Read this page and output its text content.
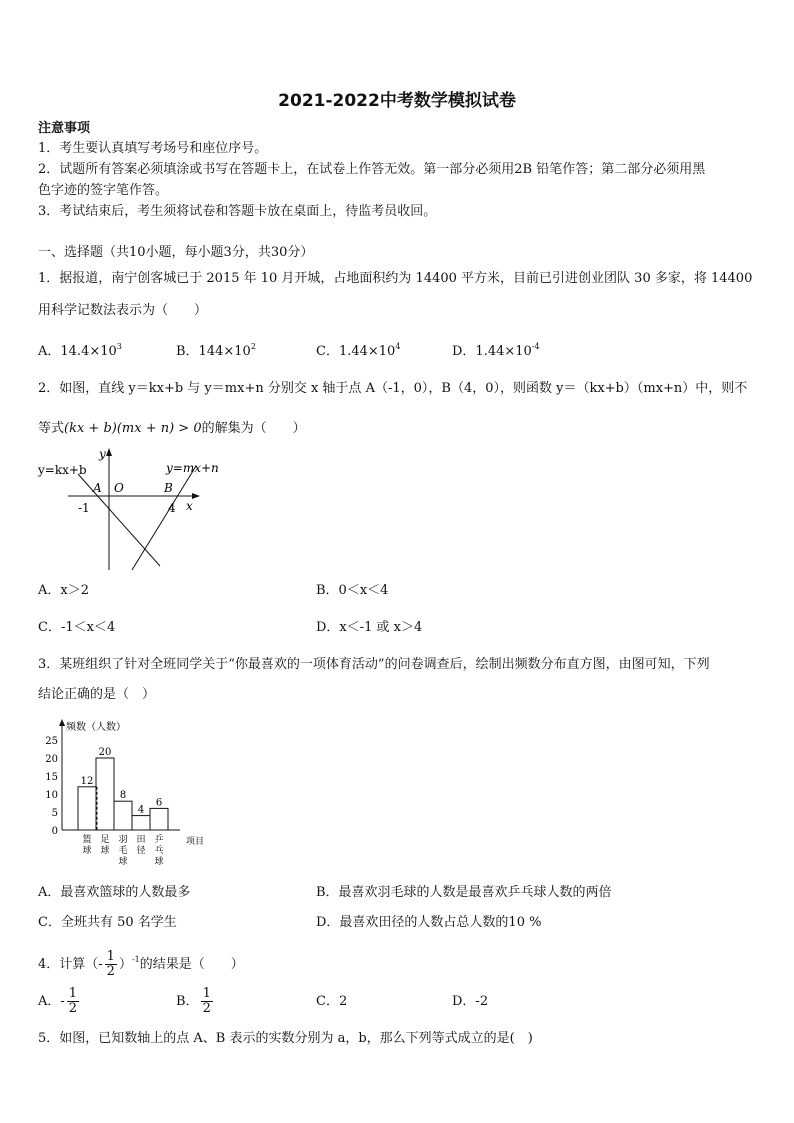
2021-2022中考数学模拟试卷
注意事项
1．考生要认真填写考场号和座位序号。
2．试题所有答案必须填涂或书写在答题卡上，在试卷上作答无效。第一部分必须用2B 铅笔作答；第二部分必须用黑
色字迹的签字笔作答。
3．考试结束后，考生须将试卷和答题卡放在桌面上，待监考员收回。
一、选择题（共10小题，每小题3分，共30分）
1．据报道，南宁创客城已于 2015 年 10 月开城，占地面积约为 14400 平方米，目前已引进创业团队 30 多家，将 14400
用科学记数法表示为（　　）
A．$14.4\times 10^3$	B．$144\times 10^2$	C．$1.44\times 10^4$	D．$1.44\times 10^{-4}$
2．如图，直线 y＝kx+b 与 y＝mx+n 分别交 x 轴于点 A（-1，0），B（4，0），则函数 y＝（kx+b）（mx+n）中，则不
等式(kx + b)(mx + n) > 0的解集为（　　）
y=kx+b	y=mx+n
y
x
A O	B
-1	4
A．x＞2	B．0＜x＜4
C．-1＜x＜4	D．x＜-1 或 x＞4
3．某班组织了针对全班同学关于“你最喜欢的一项体育活动”的问卷调查后，绘制出频数分布直方图，由图可知，下列
结论正确的是（　）
频数（人数）
项目
0
5
10
15
20
25
12
篮球
20
足球
8
羽毛球
4
田径
6
乒乓球
A．最喜欢篮球的人数最多	B．最喜欢羽毛球的人数是最喜欢乒乓球人数的两倍
C．全班共有 50 名学生	D．最喜欢田径的人数占总人数的10 %
4．计算（- $\frac{1}{2} )^{-1}$的结果是（　　）
A．- $\frac{1}{2}$	B． $\frac{1}{2}$	C．2	D．-2
5．如图，已知数轴上的点 A、B 表示的实数分别为 a，b，那么下列等式成立的是(　)
